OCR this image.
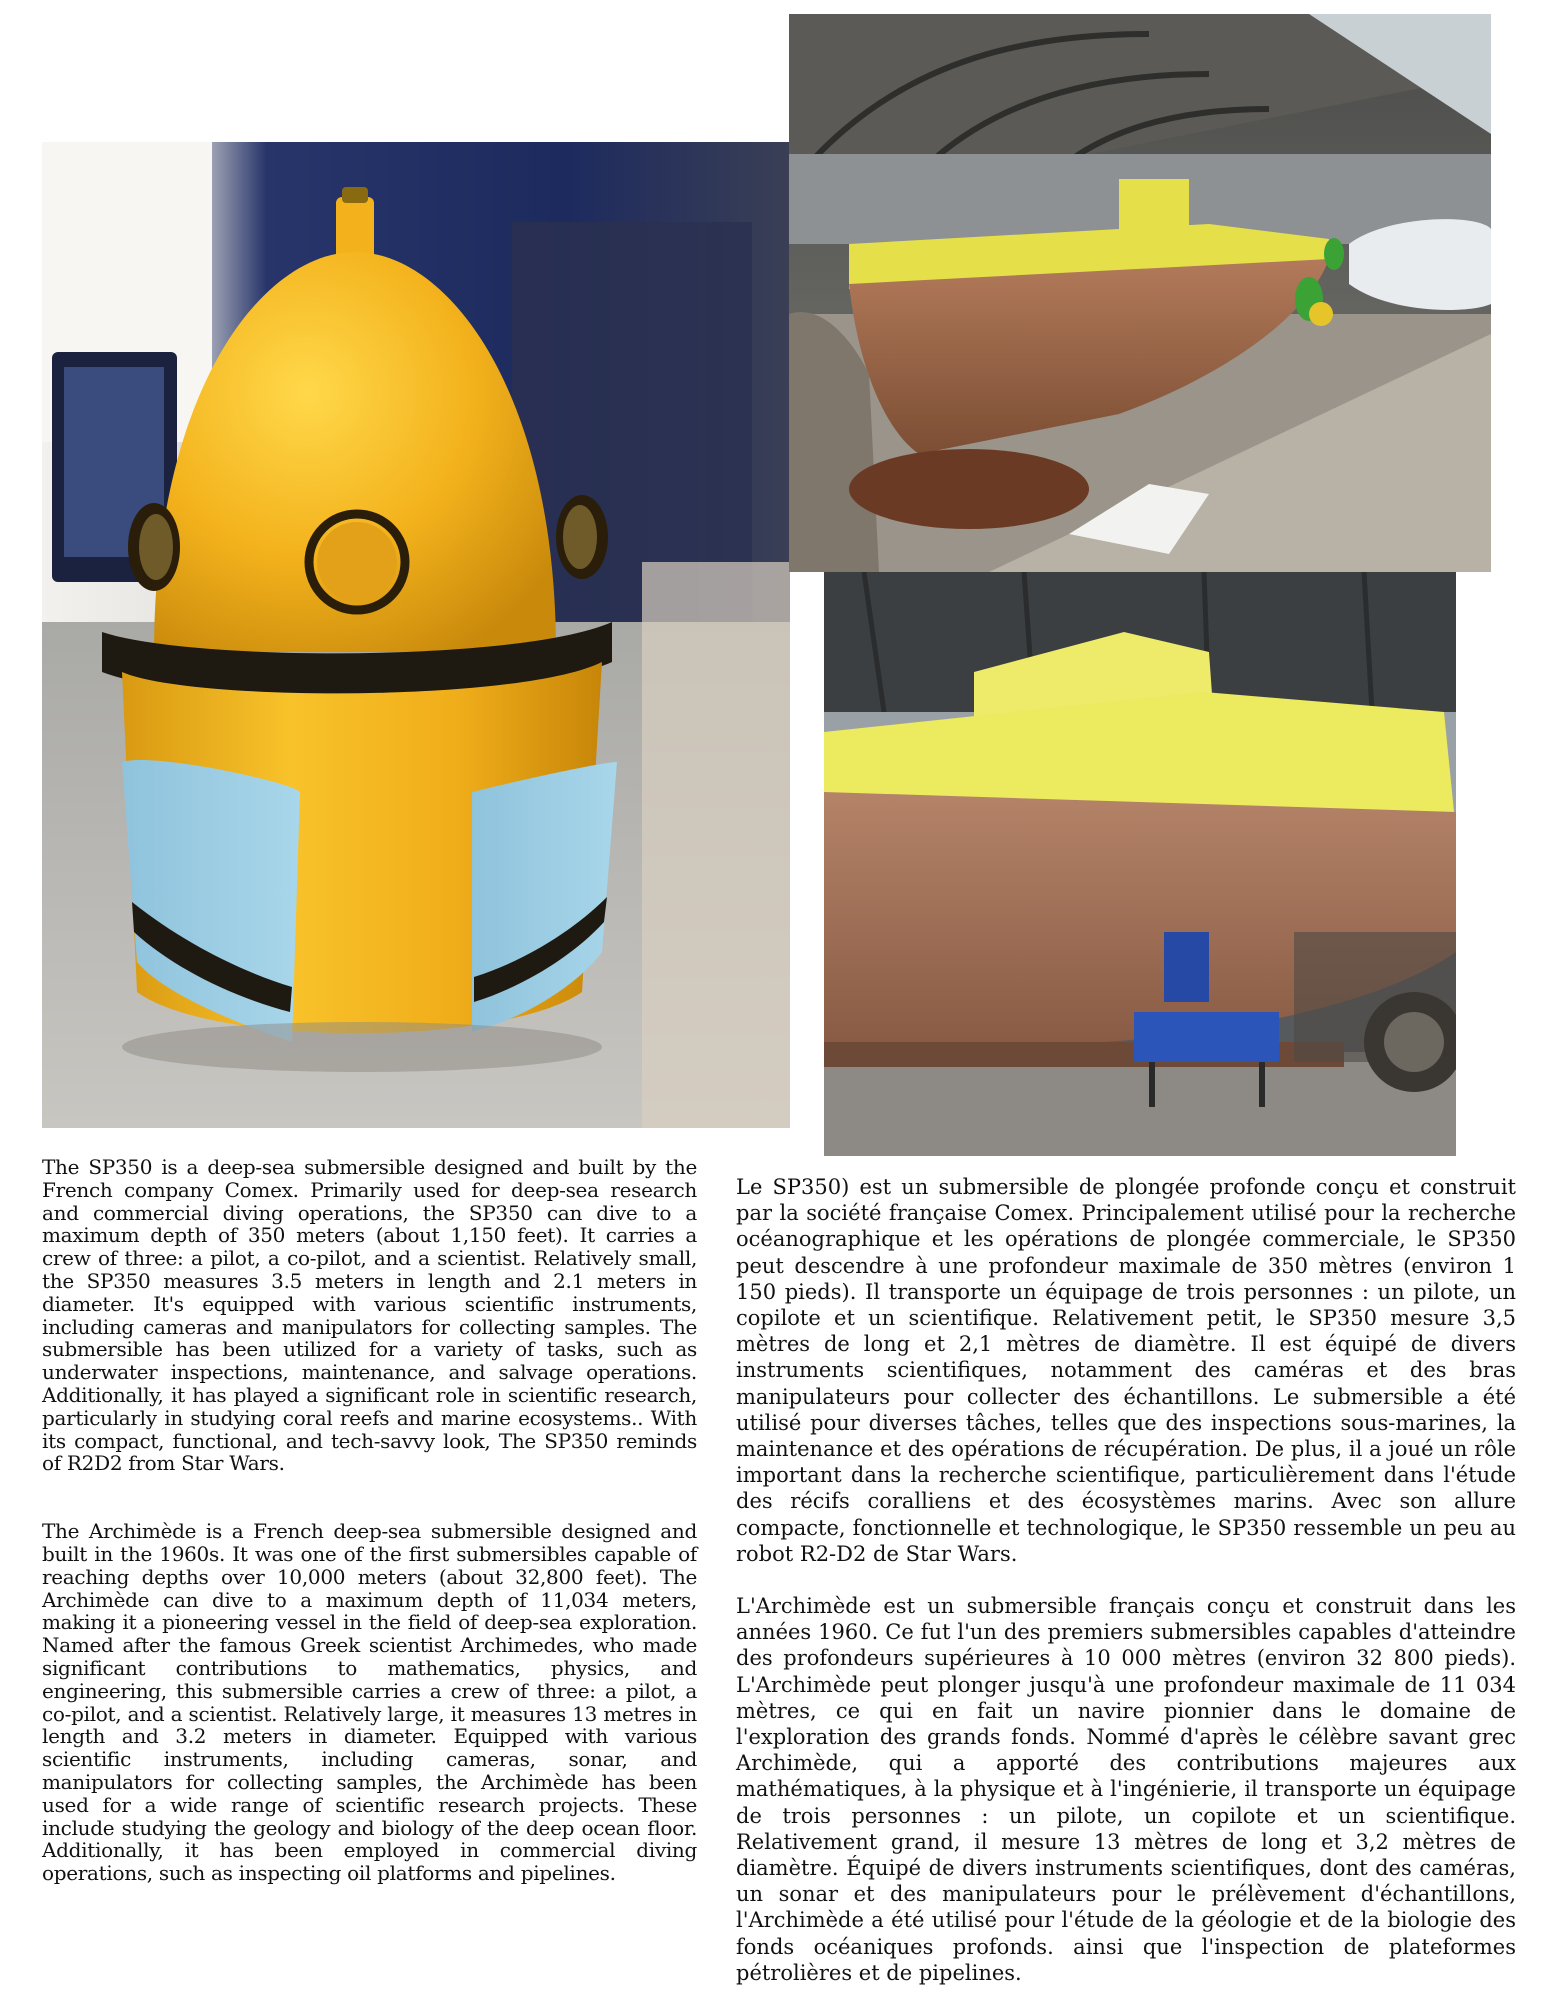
The SP350 is a deep-sea submersible designed and built by the French company Comex. Primarily used for deep-sea research and commercial diving operations, the SP350 can dive to a maximum depth of 350 meters (about 1,150 feet). It carries a crew of three: a pilot, a co-pilot, and a scientist. Relatively small, the SP350 measures 3.5 meters in length and 2.1 meters in diameter. It's equipped with various scientific instruments, including cameras and manipulators for collecting samples. The submersible has been utilized for a variety of tasks, such as underwater inspections, maintenance, and salvage operations. Additionally, it has played a significant role in scientific research, particularly in studying coral reefs and marine ecosystems.. With its compact, functional, and tech-savvy look, The SP350 reminds of R2D2 from Star Wars.

The Archimède is a French deep-sea submersible designed and built in the 1960s. It was one of the first submersibles capable of reaching depths over 10,000 meters (about 32,800 feet). The Archimède can dive to a maximum depth of 11,034 meters, making it a pioneering vessel in the field of deep-sea exploration. Named after the famous Greek scientist Archimedes, who made significant contributions to mathematics, physics, and engineering, this submersible carries a crew of three: a pilot, a co-pilot, and a scientist. Relatively large, it measures 13 metres in length and 3.2 meters in diameter. Equipped with various scientific instruments, including cameras, sonar, and manipulators for collecting samples, the Archimède has been used for a wide range of scientific research projects. These include studying the geology and biology of the deep ocean floor. Additionally, it has been employed in commercial diving operations, such as inspecting oil platforms and pipelines.

Le SP350) est un submersible de plongée profonde conçu et construit par la société française Comex. Principalement utilisé pour la recherche océanographique et les opérations de plongée commerciale, le SP350 peut descendre à une profondeur maximale de 350 mètres (environ 1 150 pieds). Il transporte un équipage de trois personnes : un pilote, un copilote et un scientifique. Relativement petit, le SP350 mesure 3,5 mètres de long et 2,1 mètres de diamètre. Il est équipé de divers instruments scientifiques, notamment des caméras et des bras manipulateurs pour collecter des échantillons. Le submersible a été utilisé pour diverses tâches, telles que des inspections sous-marines, la maintenance et des opérations de récupération. De plus, il a joué un rôle important dans la recherche scientifique, particulièrement dans l'étude des récifs coralliens et des écosystèmes marins. Avec son allure compacte, fonctionnelle et technologique, le SP350 ressemble un peu au robot R2-D2 de Star Wars.

L'Archimède est un submersible français conçu et construit dans les années 1960. Ce fut l'un des premiers submersibles capables d'atteindre des profondeurs supérieures à 10 000 mètres (environ 32 800 pieds). L'Archimède peut plonger jusqu'à une profondeur maximale de 11 034 mètres, ce qui en fait un navire pionnier dans le domaine de l'exploration des grands fonds. Nommé d'après le célèbre savant grec Archimède, qui a apporté des contributions majeures aux mathématiques, à la physique et à l'ingénierie, il transporte un équipage de trois personnes : un pilote, un copilote et un scientifique. Relativement grand, il mesure 13 mètres de long et 3,2 mètres de diamètre. Équipé de divers instruments scientifiques, dont des caméras, un sonar et des manipulateurs pour le prélèvement d'échantillons, l'Archimède a été utilisé pour l'étude de la géologie et de la biologie des fonds océaniques profonds. ainsi que l'inspection de plateformes pétrolières et de pipelines.
